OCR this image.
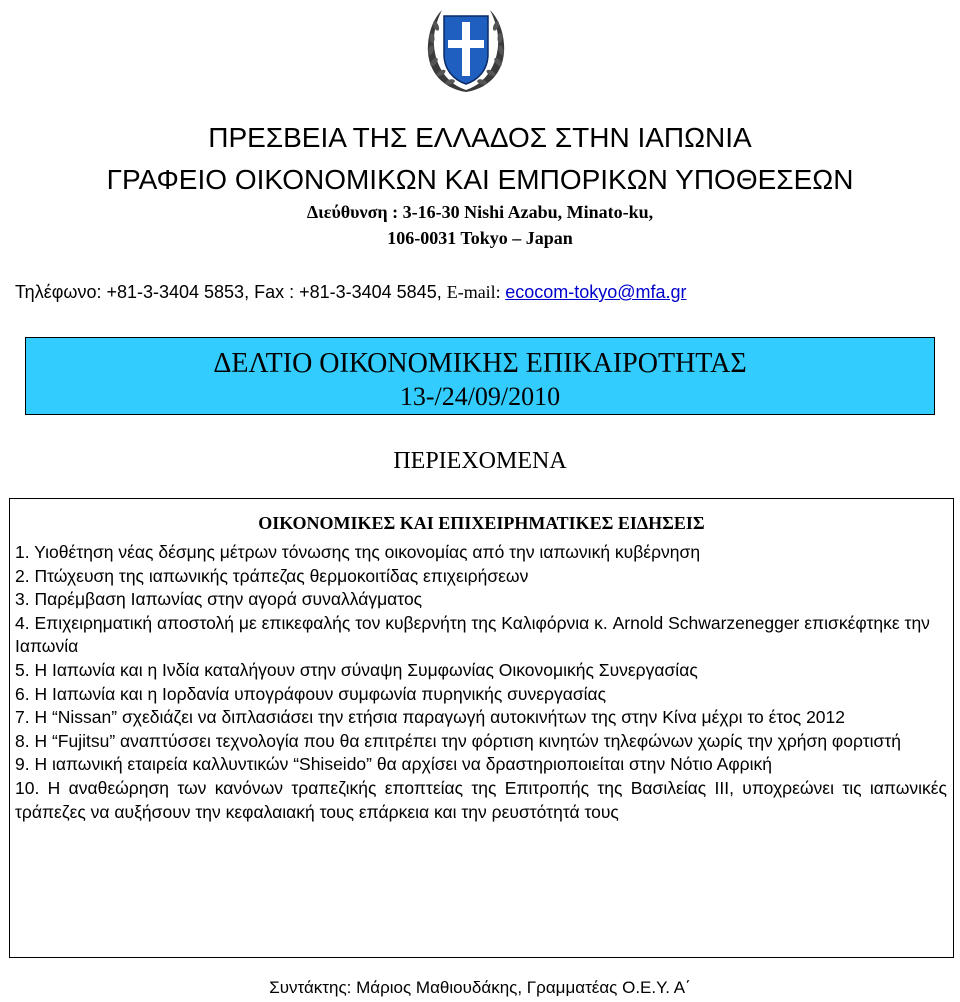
ΠΡΕΣΒΕΙΑ ΤΗΣ ΕΛΛΑΔΟΣ ΣΤΗΝ ΙΑΠΩΝΙΑ
ΓΡΑΦΕΙΟ ΟΙΚΟΝΟΜΙΚΩΝ ΚΑΙ ΕΜΠΟΡΙΚΩΝ ΥΠΟΘΕΣΕΩΝ
Διεύθυνση : 3-16-30 Nishi Azabu, Minato-ku,
106-0031 Tokyo – Japan
Τηλέφωνο: +81-3-3404 5853, Fax : +81-3-3404 5845, E-mail: ecocom-tokyo@mfa.gr
ΔΕΛΤΙΟ ΟΙΚΟΝΟΜΙΚΗΣ ΕΠΙΚΑΙΡΟΤΗΤΑΣ
13-/24/09/2010
ΠΕΡΙΕΧΟΜΕΝΑ
ΟΙΚΟΝΟΜΙΚΕΣ ΚΑΙ ΕΠΙΧΕΙΡΗΜΑΤΙΚΕΣ ΕΙΔΗΣΕΙΣ
1. Υιοθέτηση νέας δέσμης μέτρων τόνωσης της οικονομίας από την ιαπωνική κυβέρνηση
2. Πτώχευση της ιαπωνικής τράπεζας θερμοκοιτίδας επιχειρήσεων
3. Παρέμβαση Ιαπωνίας στην αγορά συναλλάγματος
4. Επιχειρηματική αποστολή με επικεφαλής τον κυβερνήτη της Καλιφόρνια κ. Arnold Schwarzenegger επισκέφτηκε την Ιαπωνία
5. Η Ιαπωνία και η Ινδία καταλήγουν στην σύναψη Συμφωνίας Οικονομικής Συνεργασίας
6. Η Ιαπωνία και η Ιορδανία υπογράφουν συμφωνία πυρηνικής συνεργασίας
7. Η “Nissan” σχεδιάζει να διπλασιάσει την ετήσια παραγωγή αυτοκινήτων της στην Κίνα μέχρι το έτος 2012
8. Η “Fujitsu” αναπτύσσει τεχνολογία που θα επιτρέπει την φόρτιση κινητών τηλεφώνων χωρίς την χρήση φορτιστή
9. Η ιαπωνική εταιρεία καλλυντικών “Shiseido” θα αρχίσει να δραστηριοποιείται στην Νότιο Αφρική
10. Η αναθεώρηση των κανόνων τραπεζικής εποπτείας της Επιτροπής της Βασιλείας ΙΙΙ, υποχρεώνει τις ιαπωνικές τράπεζες να αυξήσουν την κεφαλαιακή τους επάρκεια και την ρευστότητά τους
Συντάκτης: Μάριος Μαθιουδάκης, Γραμματέας Ο.Ε.Υ. Α΄
